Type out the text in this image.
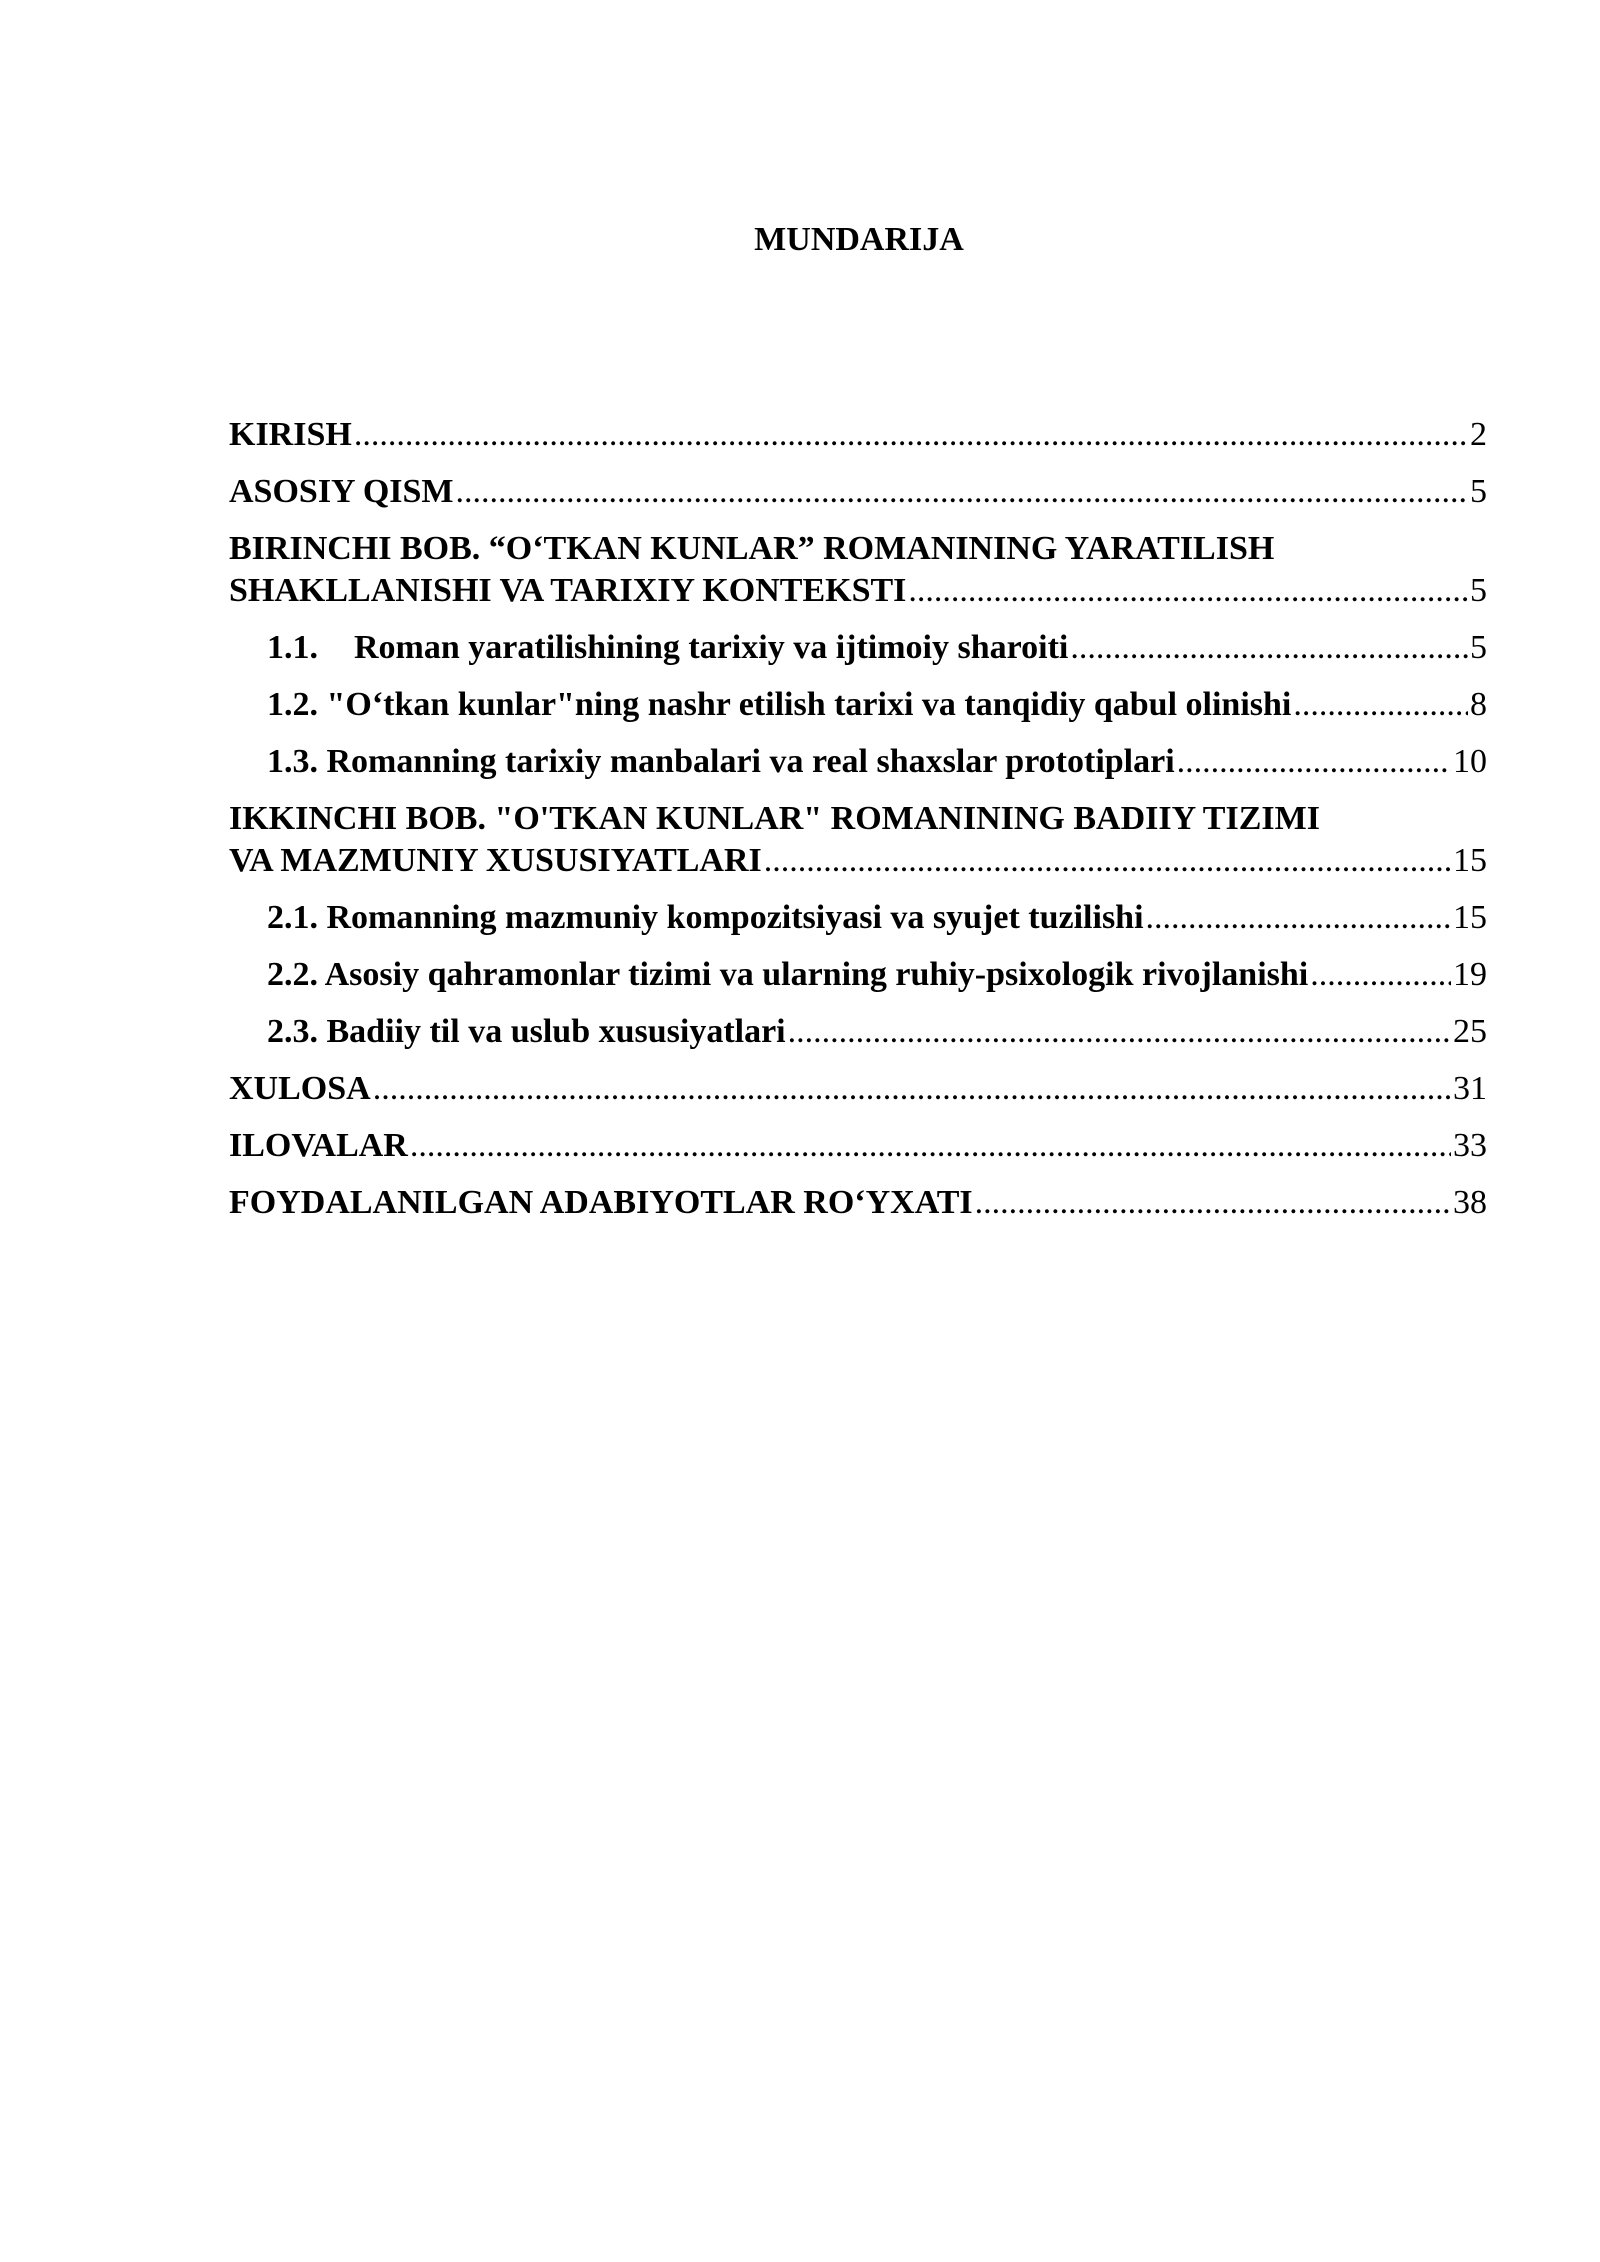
MUNDARIJA
KIRISH .....	2
ASOSIY QISM .....	5
BIRINCHI BOB. “O‘TKAN KUNLAR” ROMANINING YARATILISH
SHAKLLANISHI VA TARIXIY KONTEKSTI .....	5
1.1. Roman yaratilishining tarixiy va ijtimoiy sharoiti .....	5
1.2. "O‘tkan kunlar"ning nashr etilish tarixi va tanqidiy qabul olinishi .....	8
1.3. Romanning tarixiy manbalari va real shaxslar prototiplari .....	10
IKKINCHI BOB. "O'TKAN KUNLAR" ROMANINING BADIIY TIZIMI
VA MAZMUNIY XUSUSIYATLARI .....	15
2.1. Romanning mazmuniy kompozitsiyasi va syujet tuzilishi .....	15
2.2. Asosiy qahramonlar tizimi va ularning ruhiy-psixologik rivojlanishi .....	19
2.3. Badiiy til va uslub xususiyatlari .....	25
XULOSA .....	31
ILOVALAR .....	33
FOYDALANILGAN ADABIYOTLAR RO‘YXATI .....	38
